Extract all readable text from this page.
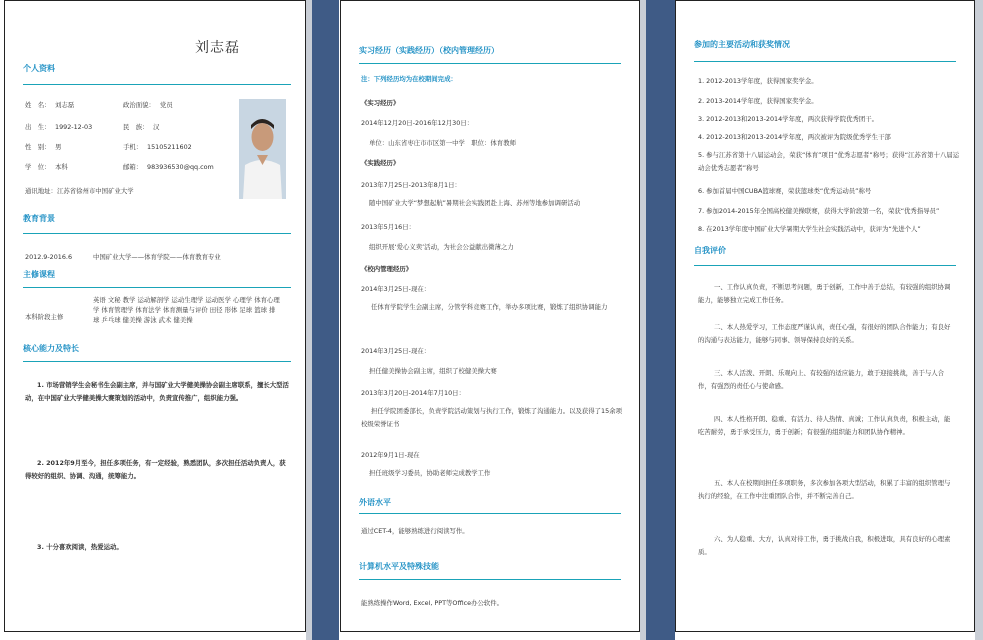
刘志磊
个人资料
姓　名： 刘志磊	政治面貌： 党员
出　生： 1992-12-03	民　族： 汉
性　别： 男	手机： 15105211602
学　位： 本科	邮箱： 983936530@qq.com
通讯地址：江苏省徐州市中国矿业大学
教育背景
2012.9-2016.6	中国矿业大学——体育学院——体育教育专业
主修课程
本科阶段主修
英语 文秘 教学 运动解剖学 运动生理学 运动医学 心理学 体育心理学 体育管理学 体育法学 体育测量与评价 田径 形体 足球 篮球 排球 乒乓球 健美操 游泳 武术 健美操
核心能力及特长
1. 市场营销学生会秘书生会副主席，并与国矿业大学健美操协会副主席联系，擅长大型活动，在中国矿业大学健美操大赛策划的活动中，负责宣传推广，组织能力强。
2. 2012年9月至今，担任多项任务，有一定经验，熟悉团队，多次担任活动负责人，获得较好的组织、协调、沟通，统筹能力。
3. 十分喜欢阅读，热爱运动。
实习经历（实践经历）（校内管理经历）
注：下列经历均为在校期间完成：
《实习经历》
2014年12月20日-2016年12月30日：
单位：山东省枣庄市市区第一中学　职位：体育教师
《实践经历》
2013年7月25日-2013年8月1日：
随中国矿业大学“梦想起航”暑期社会实践团赴上海、苏州等地参加调研活动
2013年5月16日：
组织开展‘爱心义卖’活动，为社会公益献出微薄之力
《校内管理经历》
2014年3月25日-现在：
任体育学院学生会副主席，分管学科竞赛工作，举办多项比赛，锻炼了组织协调能力
2014年3月25日-现在：
担任健美操协会副主席，组织了校健美操大赛
2013年3月20日-2014年7月10日：
担任学院团委部长，负责学院活动策划与执行工作，锻炼了沟通能力。以及获得了15余项校级荣誉证书
2012年9月1日-现在
担任班级学习委员，协助老师完成教学工作
外语水平
通过CET-4，能够熟练进行阅读写作。
计算机水平及特殊技能
能熟练操作Word, Excel, PPT等Office办公软件。
参加的主要活动和获奖情况
1. 2012-2013学年度，获得国家奖学金。
2. 2013-2014学年度，获得国家奖学金。
3. 2012-2013和2013-2014学年度，两次获得学院优秀团干。
4. 2012-2013和2013-2014学年度，两次被评为院级优秀学生干部
5. 参与江苏省第十八届运动会，荣获“体育”项目“优秀志愿者”称号；获得“江苏省第十八届运动会优秀志愿者”称号
6. 参加首届中国CUBA篮球赛，荣获篮球类“优秀运动员”称号
7. 参加2014-2015年全国高校健美操联赛，获得大学阶段第一名，荣获“优秀指导员”
8. 在2013学年度中国矿业大学暑期大学生社会实践活动中，获评为“先进个人”
自我评价
一、工作认真负责，不断思考问题，勇于创新，工作中善于总结，有较强的组织协调能力，能够独立完成工作任务。
二、本人热爱学习，工作态度严谨认真，责任心强，有很好的团队合作能力；有良好的沟通与表达能力，能够与同事、领导保持良好的关系。
三、本人活泼、开朗、乐观向上、有较强的适应能力，敢于迎接挑战，善于与人合作，有强烈的责任心与使命感。
四、本人性格开朗、稳重、有活力、待人热情、真诚；工作认真负责，积极主动，能吃苦耐劳，勇于承受压力，勇于创新；有很强的组织能力和团队协作精神。
五、本人在校期间担任多项职务，多次参加各项大型活动，积累了丰富的组织管理与执行的经验，在工作中注重团队合作，并不断完善自己。
六、为人稳重、大方，认真对待工作，勇于挑战自我，积极进取，具有良好的心理素质。
